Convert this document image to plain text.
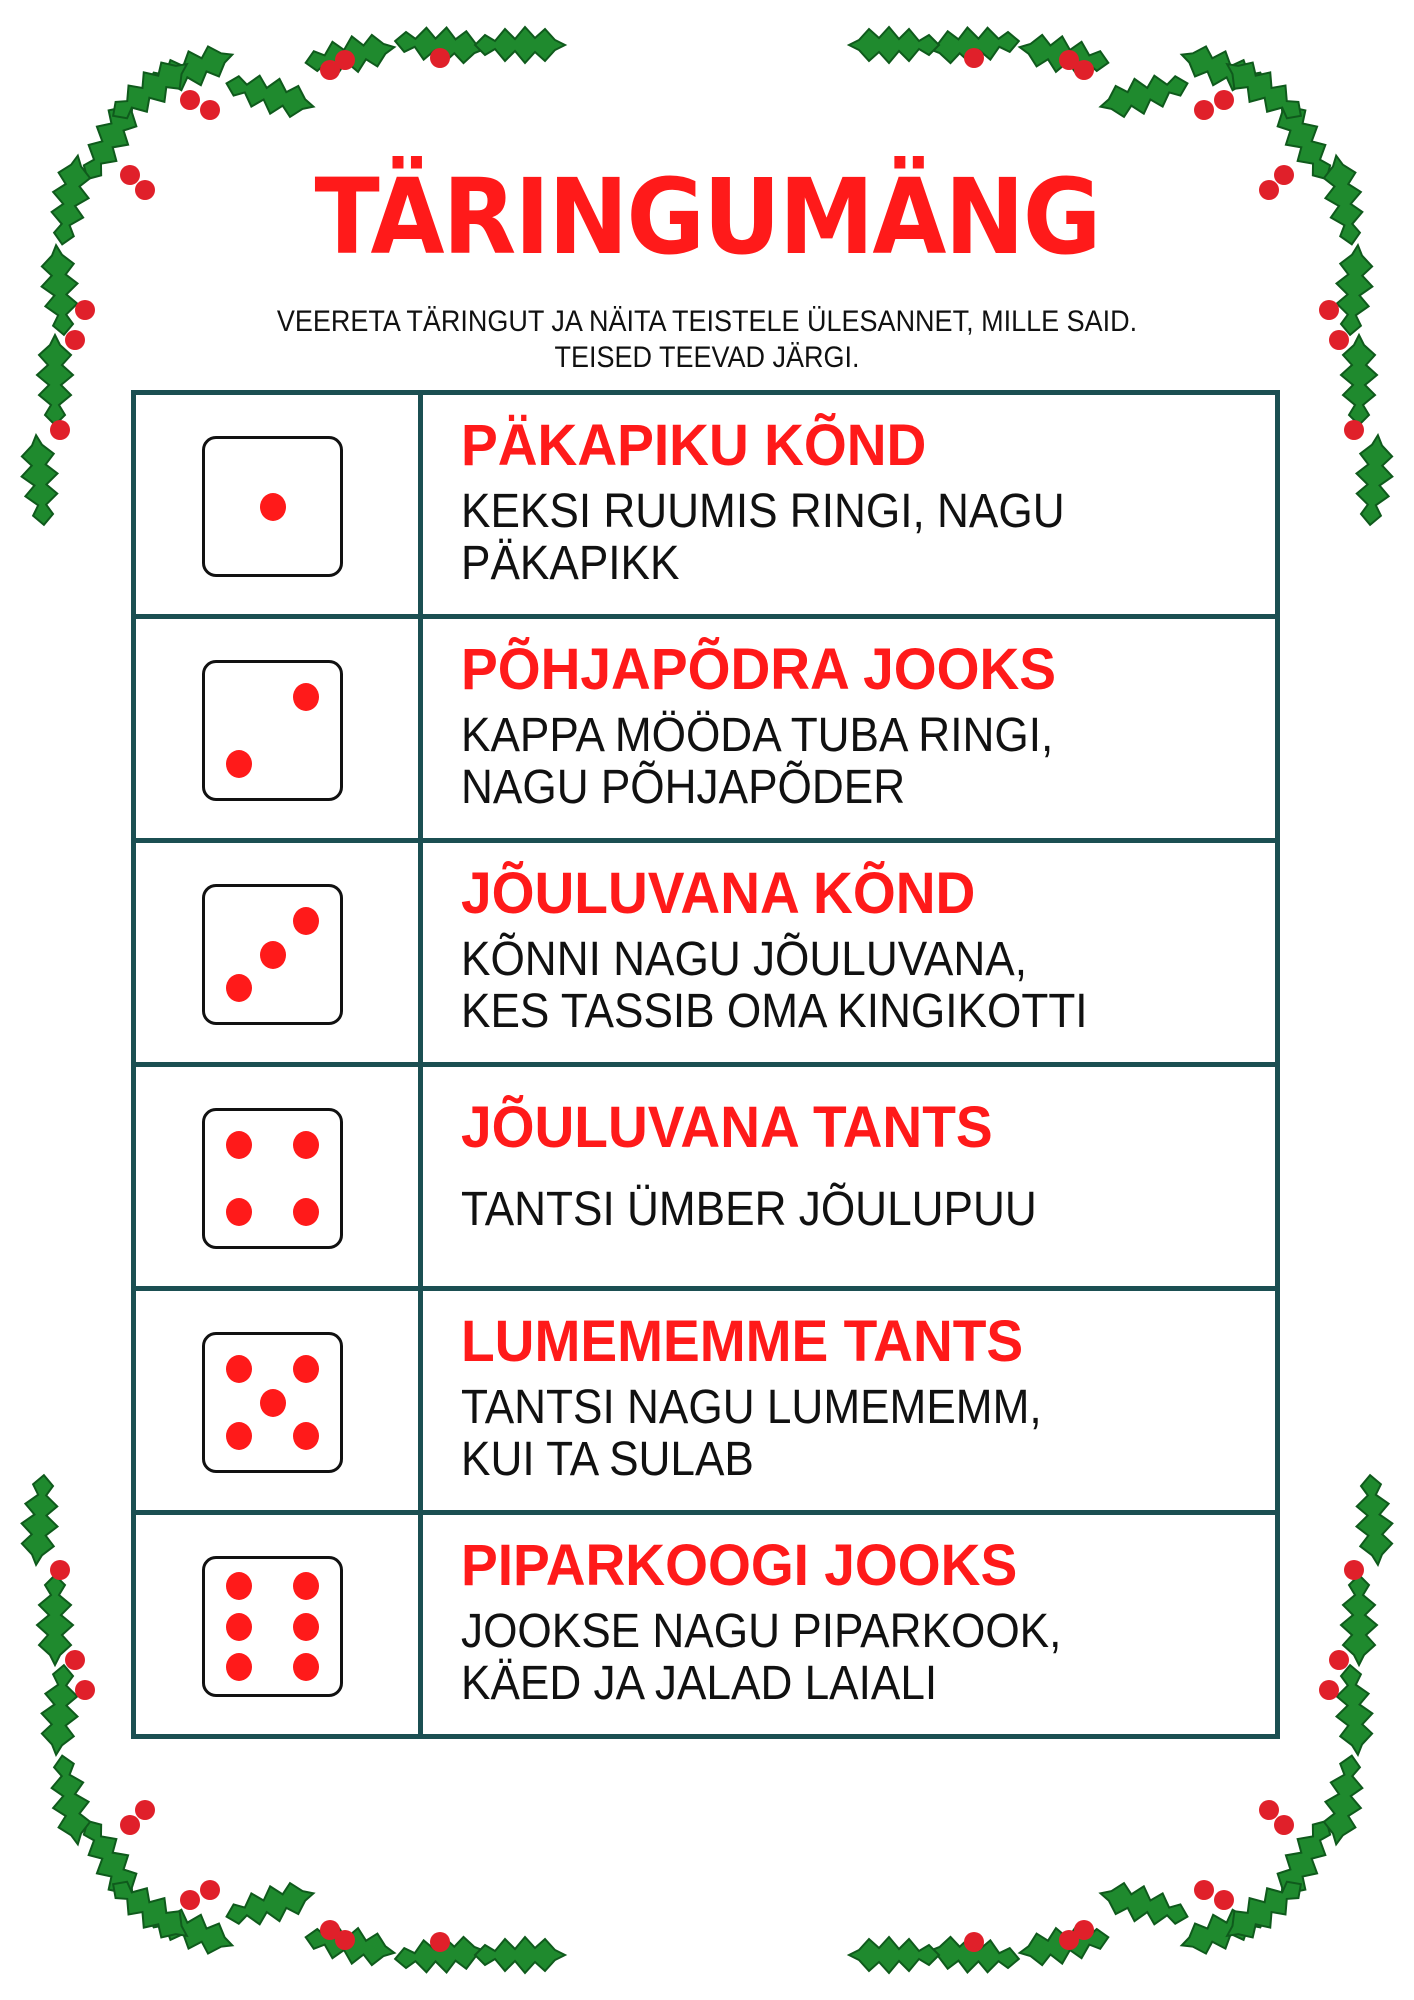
TÄRINGUMÄNG
VEERETA TÄRINGUT JA NÄITA TEISTELE ÜLESANNET, MILLE SAID.
TEISED TEEVAD JÄRGI.
PÄKAPIKU KÕND
KEKSI RUUMIS RINGI, NAGU PÄKAPIKK
PÕHJAPÕDRA JOOKS
KAPPA MÖÖDA TUBA RINGI, NAGU PÕHJAPÕDER
JÕULUVANA KÕND
KÕNNI NAGU JÕULUVANA, KES TASSIB OMA KINGIKOTTI
JÕULUVANA TANTS
TANTSI ÜMBER JÕULUPUU
LUMEMEMME TANTS
TANTSI NAGU LUMEMEMM, KUI TA SULAB
PIPARKOOGI JOOKS
JOOKSE NAGU PIPARKOOK, KÄED JA JALAD LAIALI
